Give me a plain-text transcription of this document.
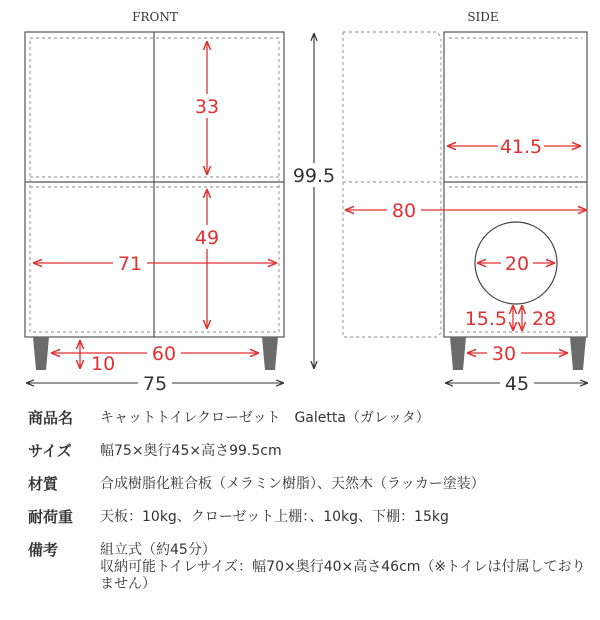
FRONT	SIDE
33
49
71
60
10
75
99.5
41.5
80
20
15.5 28
30
45
商品名 キャットトイレクローゼット　Galetta（ガレッタ）
サイズ 幅75×奥行45×高さ99.5cm
材質	合成樹脂化粧合板（メラミン樹脂）、天然木（ラッカー塗装）
耐荷重 天板：10kg、クローゼット上棚：、10kg、下棚：15kg
備考	組立式（約45分）
収納可能トイレサイズ：幅70×奥行40×高さ46cm（※トイレは付属しておりません）
